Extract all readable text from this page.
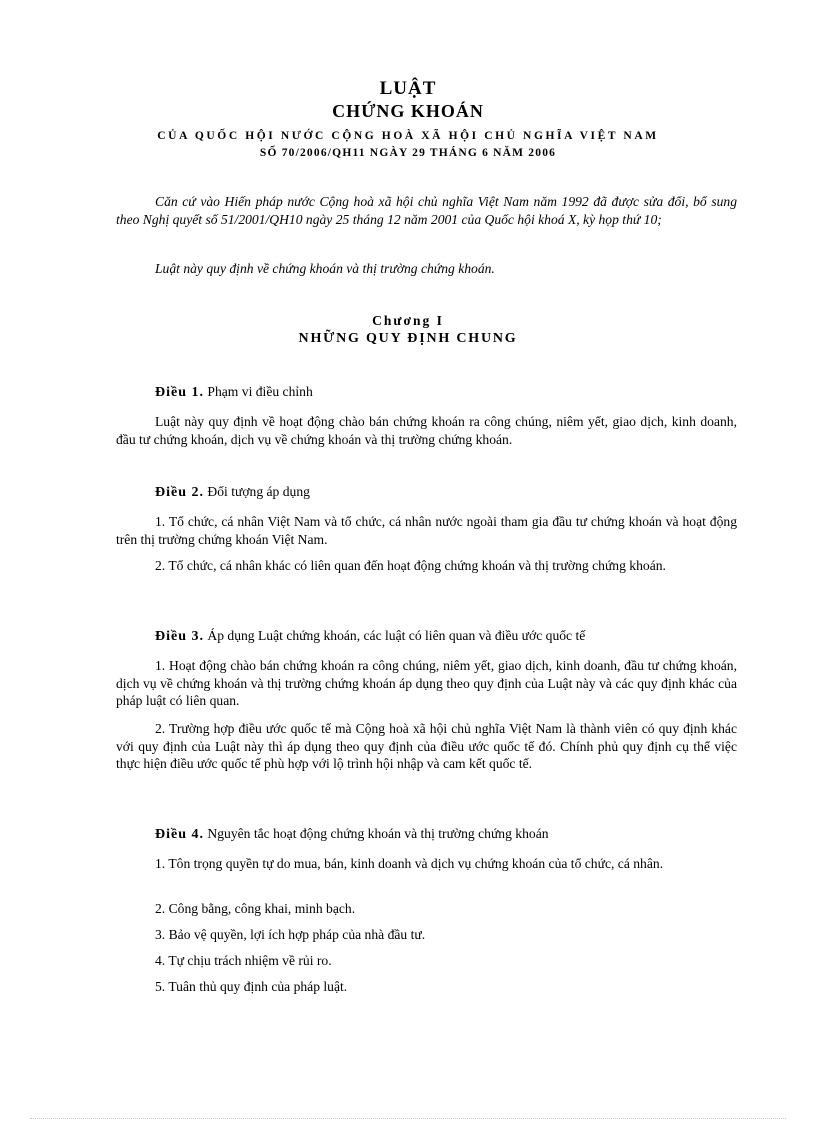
LUẬT
CHỨNG KHOÁN
CỦA QUỐC HỘI NƯỚC CỘNG HOÀ XÃ HỘI CHỦ NGHĨA VIỆT NAM
SỐ 70/2006/QH11 NGÀY 29 THÁNG 6 NĂM 2006

Căn cứ vào Hiến pháp nước Cộng hoà xã hội chủ nghĩa Việt Nam năm 1992 đã được sửa đổi, bổ sung theo Nghị quyết số 51/2001/QH10 ngày 25 tháng 12 năm 2001 của Quốc hội khoá X, kỳ họp thứ 10;

Luật này quy định về chứng khoán và thị trường chứng khoán.

Chương I
NHỮNG QUY ĐỊNH CHUNG
Điều 1. Phạm vi điều chỉnh

Luật này quy định về hoạt động chào bán chứng khoán ra công chúng, niêm yết, giao dịch, kinh doanh, đầu tư chứng khoán, dịch vụ về chứng khoán và thị trường chứng khoán.

Điều 2. Đối tượng áp dụng

1. Tổ chức, cá nhân Việt Nam và tổ chức, cá nhân nước ngoài tham gia đầu tư chứng khoán và hoạt động trên thị trường chứng khoán Việt Nam.

2. Tổ chức, cá nhân khác có liên quan đến hoạt động chứng khoán và thị trường chứng khoán.

Điều 3. Áp dụng Luật chứng khoán, các luật có liên quan và điều ước quốc tế

1. Hoạt động chào bán chứng khoán ra công chúng, niêm yết, giao dịch, kinh doanh, đầu tư chứng khoán, dịch vụ về chứng khoán và thị trường chứng khoán áp dụng theo quy định của Luật này và các quy định khác của pháp luật có liên quan.

2. Trường hợp điều ước quốc tế mà Cộng hoà xã hội chủ nghĩa Việt Nam là thành viên có quy định khác với quy định của Luật này thì áp dụng theo quy định của điều ước quốc tế đó. Chính phủ quy định cụ thể việc thực hiện điều ước quốc tế phù hợp với lộ trình hội nhập và cam kết quốc tế.

Điều 4. Nguyên tắc hoạt động chứng khoán và thị trường chứng khoán

1. Tôn trọng quyền tự do mua, bán, kinh doanh và dịch vụ chứng khoán của tổ chức, cá nhân.

2. Công bằng, công khai, minh bạch.

3. Bảo vệ quyền, lợi ích hợp pháp của nhà đầu tư.

4. Tự chịu trách nhiệm về rủi ro.

5. Tuân thủ quy định của pháp luật.
